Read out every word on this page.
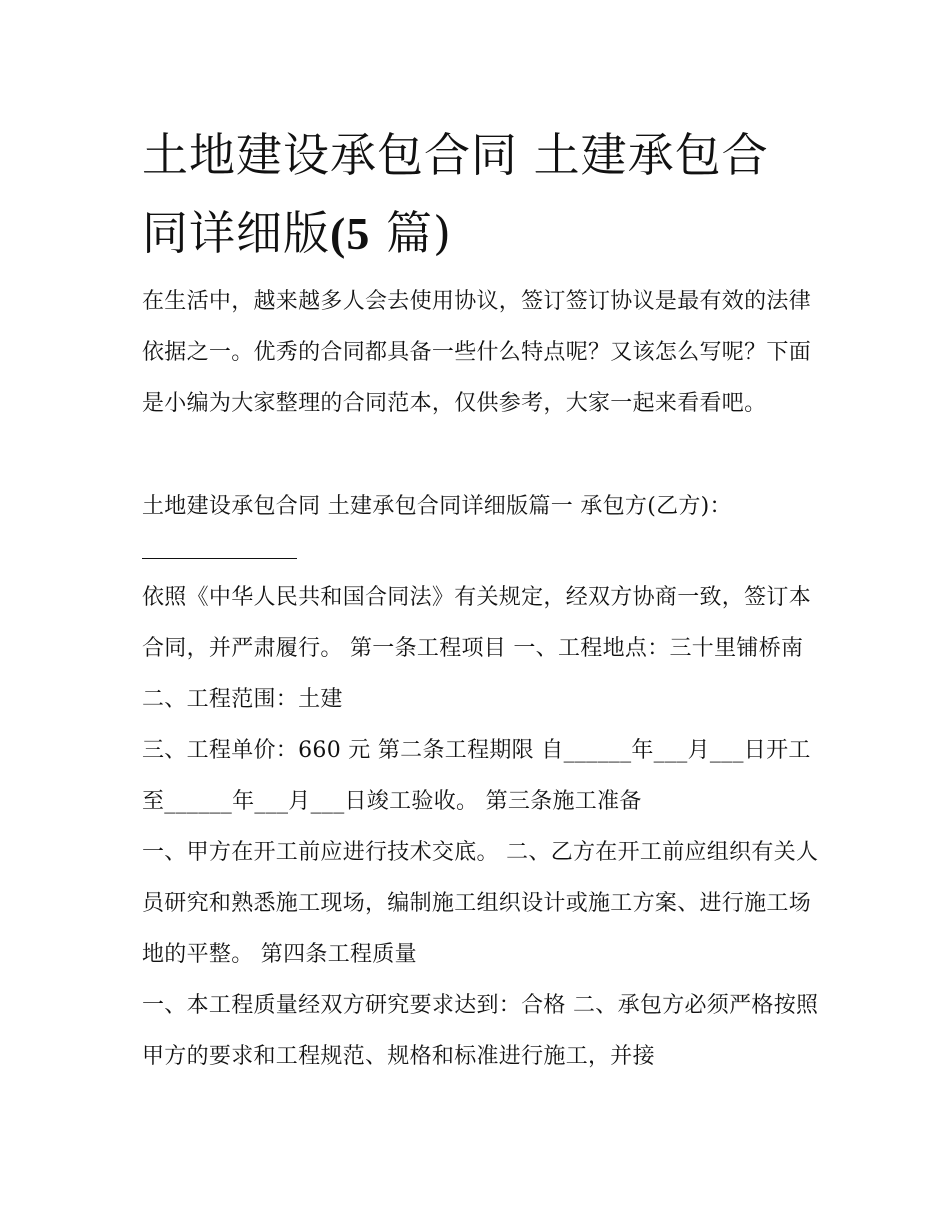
土地建设承包合同 土建承包合
同详细版(5 篇)

在生活中，越来越多人会去使用协议，签订签订协议是最有效的法律依据之一。优秀的合同都具备一些什么特点呢？又该怎么写呢？下面是小编为大家整理的合同范本，仅供参考，大家一起来看看吧。

土地建设承包合同 土建承包合同详细版篇一 承包方(乙方)：

依照《中华人民共和国合同法》有关规定，经双方协商一致，签订本合同，并严肃履行。 第一条工程项目 一、工程地点：三十里铺桥南 二、工程范围：土建

三、工程单价：660 元 第二条工程期限 自______年___月___日开工至______年___月___日竣工验收。 第三条施工准备

一、甲方在开工前应进行技术交底。 二、乙方在开工前应组织有关人员研究和熟悉施工现场，编制施工组织设计或施工方案、进行施工场地的平整。 第四条工程质量

一、本工程质量经双方研究要求达到：合格 二、承包方必须严格按照甲方的要求和工程规范、规格和标准进行施工，并接
